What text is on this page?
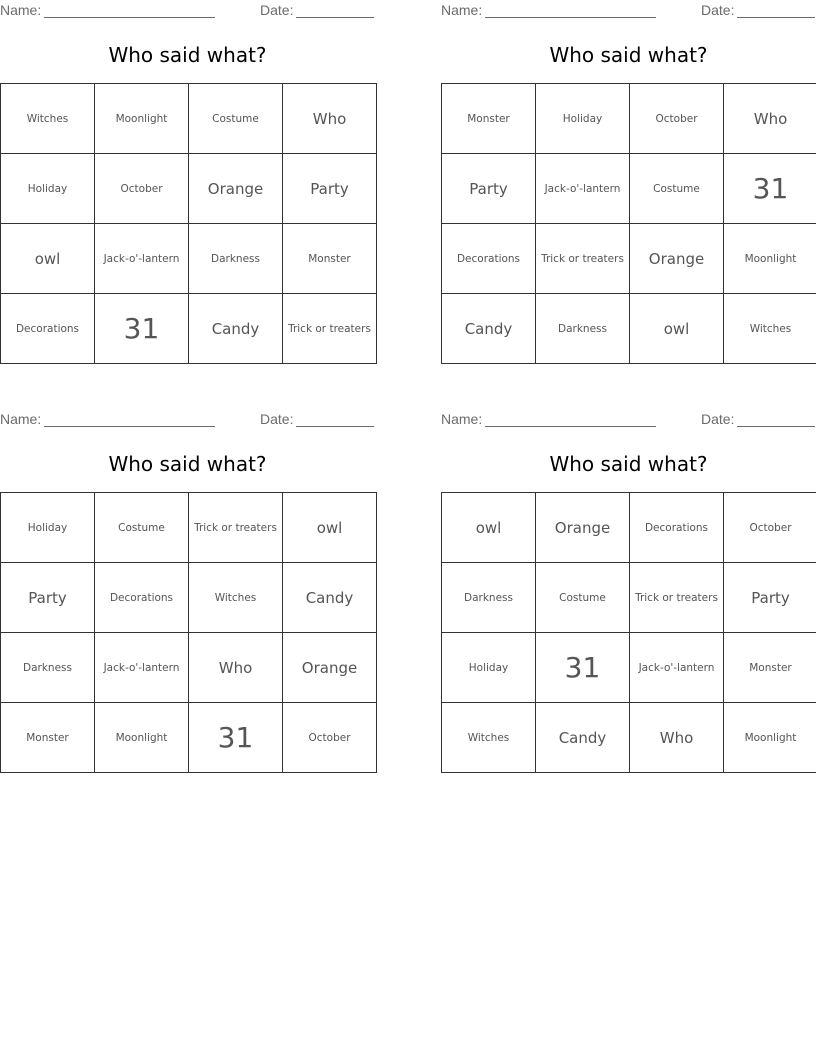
Name:	Date:
Who said what?
Witches	Moonlight	Costume	Who
Holiday	October	Orange	Party
owl	Jack-o'-lantern	Darkness	Monster
Decorations	31	Candy	Trick or treaters
Name:	Date:
Who said what?
Monster	Holiday	October	Who
Party	Jack-o'-lantern	Costume	31
Decorations	Trick or treaters	Orange	Moonlight
Candy	Darkness	owl	Witches
Name:	Date:
Who said what?
Holiday	Costume	Trick or treaters	owl
Party	Decorations	Witches	Candy
Darkness	Jack-o'-lantern	Who	Orange
Monster	Moonlight	31	October
Name:	Date:
Who said what?
owl	Orange	Decorations	October
Darkness	Costume	Trick or treaters	Party
Holiday	31	Jack-o'-lantern	Monster
Witches	Candy	Who	Moonlight
